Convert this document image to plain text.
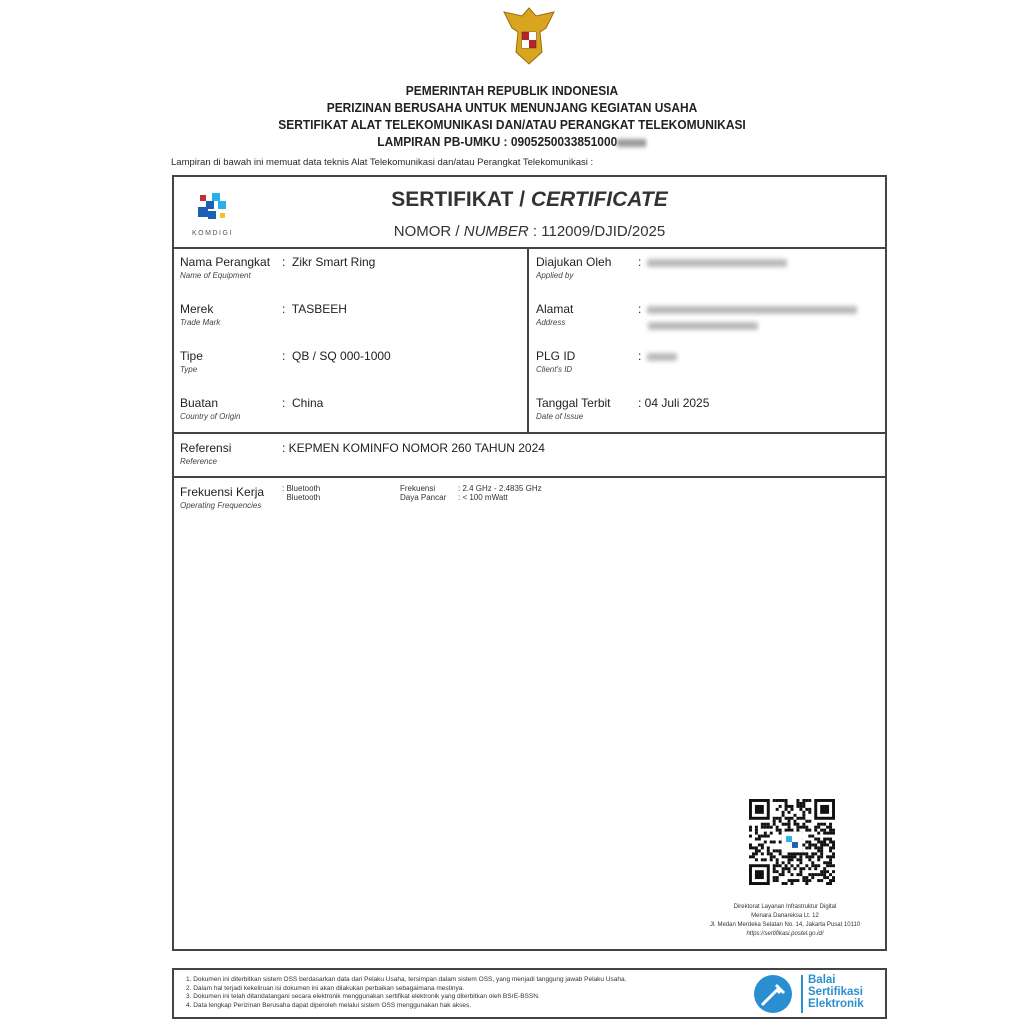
PEMERINTAH REPUBLIK INDONESIA
PERIZINAN BERUSAHA UNTUK MENUNJANG KEGIATAN USAHA
SERTIFIKAT ALAT TELEKOMUNIKASI DAN/ATAU PERANGKAT TELEKOMUNIKASI
LAMPIRAN PB-UMKU : 0905250033851000
Lampiran di bawah ini memuat data teknis Alat Telekomunikasi dan/atau Perangkat Telekomunikasi :
KOMDIGI
SERTIFIKAT / CERTIFICATE
NOMOR / NUMBER : 112009/DJID/2025
Nama Perangkat
Name of Equipment
:  Zikr Smart Ring
Merek
Trade Mark
:  TASBEEH
Tipe
Type
:  QB / SQ 000-1000
Buatan
Country of Origin
:  China
Diajukan Oleh
Applied by
:
Alamat
Address
:

PLG ID
Client's ID
:
Tanggal Terbit
Date of Issue
: 04 Juli 2025
Referensi
Reference
: KEPMEN KOMINFO NOMOR 260 TAHUN 2024
Frekuensi Kerja
Operating Frequencies
: Bluetooth
Bluetooth
Frekuensi
Daya Pancar
: 2.4 GHz - 2.4835 GHz
: < 100 mWatt
Direktorat Layanan Infrastruktur Digital
Menara Danareksa Lt. 12
Jl. Medan Merdeka Selatan No. 14, Jakarta Pusat 10110
https://sertifikasi.postel.go.id/
1. Dokumen ini diterbitkan sistem OSS berdasarkan data dari Pelaku Usaha, tersimpan dalam sistem OSS, yang menjadi tanggung jawab Pelaku Usaha.
2. Dalam hal terjadi kekeliruan isi dokumen ini akan dilakukan perbaikan sebagaimana mestinya.
3. Dokumen ini telah ditandatangani secara elektronik menggunakan sertifikat elektronik yang diterbitkan oleh BSrE-BSSN.
4. Data lengkap Perizinan Berusaha dapat diperoleh melalui sistem OSS menggunakan hak akses.
Balai
Sertifikasi
Elektronik
